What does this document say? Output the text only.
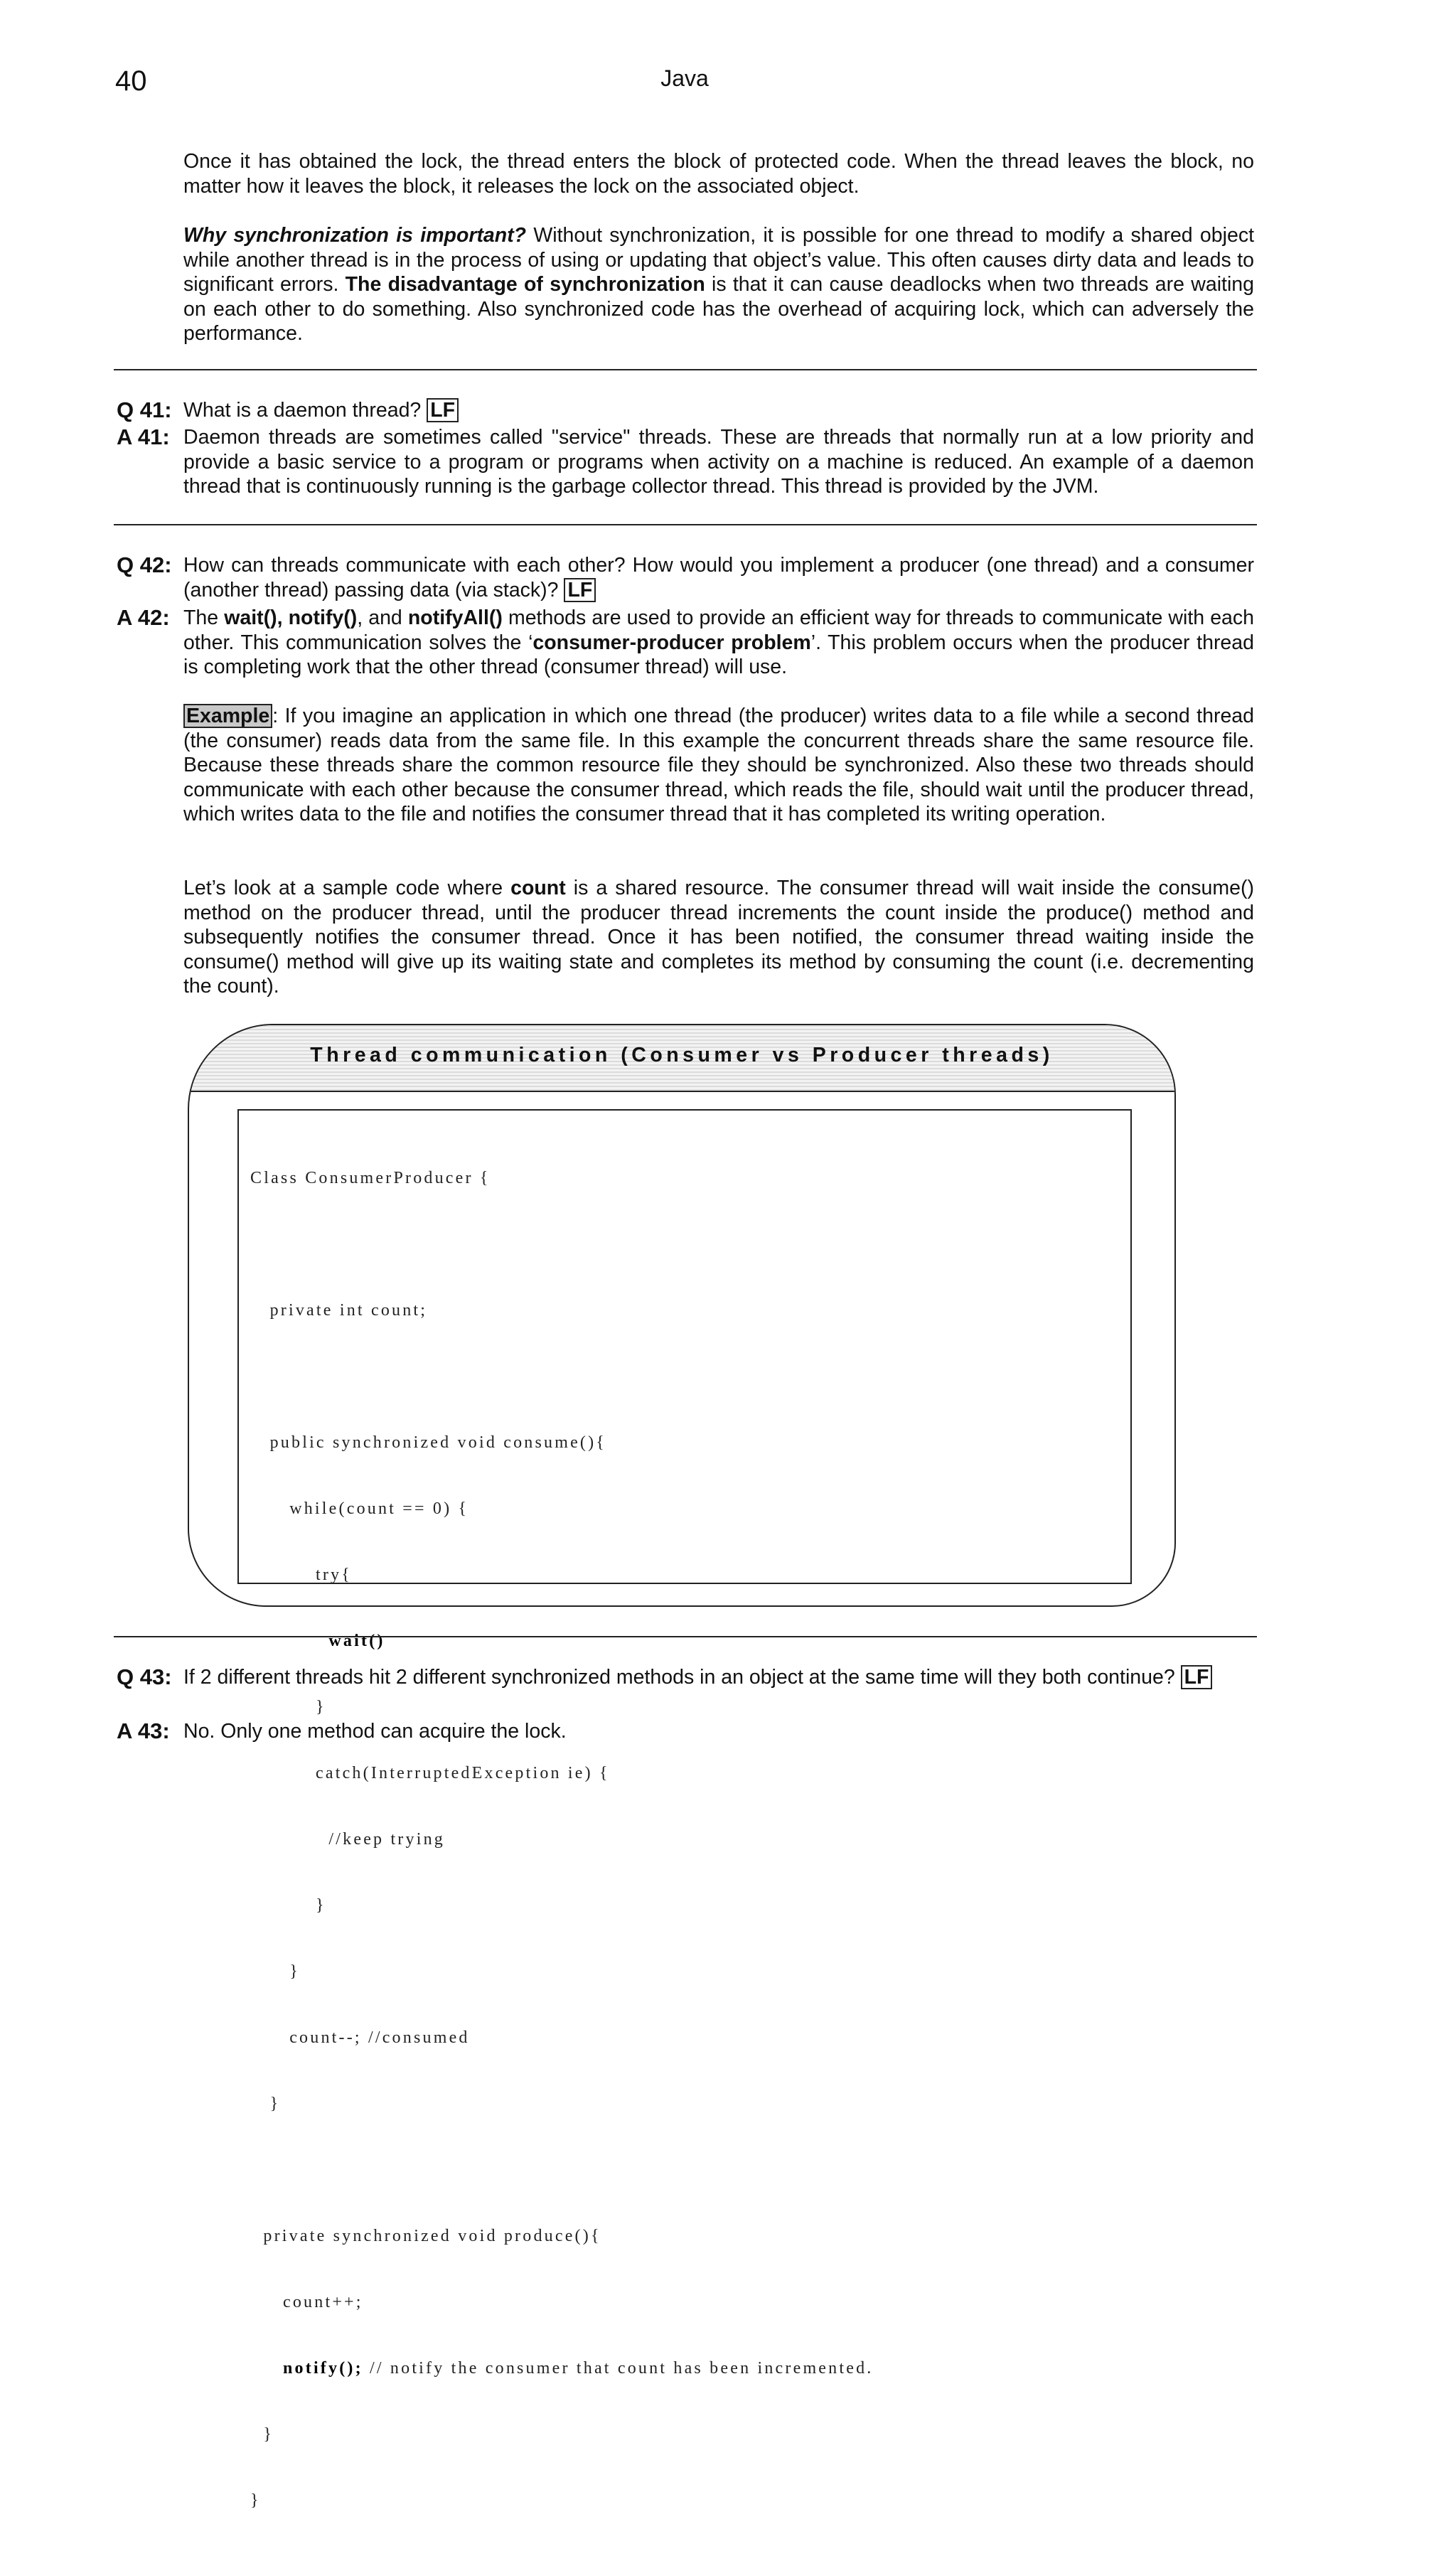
40	Java
Once it has obtained the lock, the thread enters the block of protected code. When the thread leaves the block, no matter how it leaves the block, it releases the lock on the associated object.
Why synchronization is important? Without synchronization, it is possible for one thread to modify a shared object while another thread is in the process of using or updating that object’s value. This often causes dirty data and leads to significant errors. The disadvantage of synchronization is that it can cause deadlocks when two threads are waiting on each other to do something. Also synchronized code has the overhead of acquiring lock, which can adversely the performance.
Q 41: What is a daemon thread? LF
A 41: Daemon threads are sometimes called "service" threads. These are threads that normally run at a low priority and provide a basic service to a program or programs when activity on a machine is reduced. An example of a daemon thread that is continuously running is the garbage collector thread. This thread is provided by the JVM.
Q 42: How can threads communicate with each other? How would you implement a producer (one thread) and a consumer (another thread) passing data (via stack)? LF
A 42: The wait(), notify(), and notifyAll() methods are used to provide an efficient way for threads to communicate with each other. This communication solves the ‘consumer-producer problem’. This problem occurs when the producer thread is completing work that the other thread (consumer thread) will use.
Example : If you imagine an application in which one thread (the producer) writes data to a file while a second thread (the consumer) reads data from the same file. In this example the concurrent threads share the same resource file. Because these threads share the common resource file they should be synchronized. Also these two threads should communicate with each other because the consumer thread, which reads the file, should wait until the producer thread, which writes data to the file and notifies the consumer thread that it has completed its writing operation.
Let’s look at a sample code where count is a shared resource. The consumer thread will wait inside the consume() method on the producer thread, until the producer thread increments the count inside the produce() method and subsequently notifies the consumer thread. Once it has been notified, the consumer thread waiting inside the consume() method will give up its waiting state and completes its method by consuming the count (i.e. decrementing the count).
Thread communication (Consumer vs Producer threads)

Class ConsumerProducer {

private int count;

public synchronized void consume(){

while(count == 0) {

try{

wait()

}

catch(InterruptedException ie) {

//keep trying

}

}

count--; //consumed

}

private synchronized void produce(){

count++;

notify(); // notify the consumer that count has been incremented.

}

}

Q 43: If 2 different threads hit 2 different synchronized methods in an object at the same time will they both continue? LF
A 43: No. Only one method can acquire the lock.
